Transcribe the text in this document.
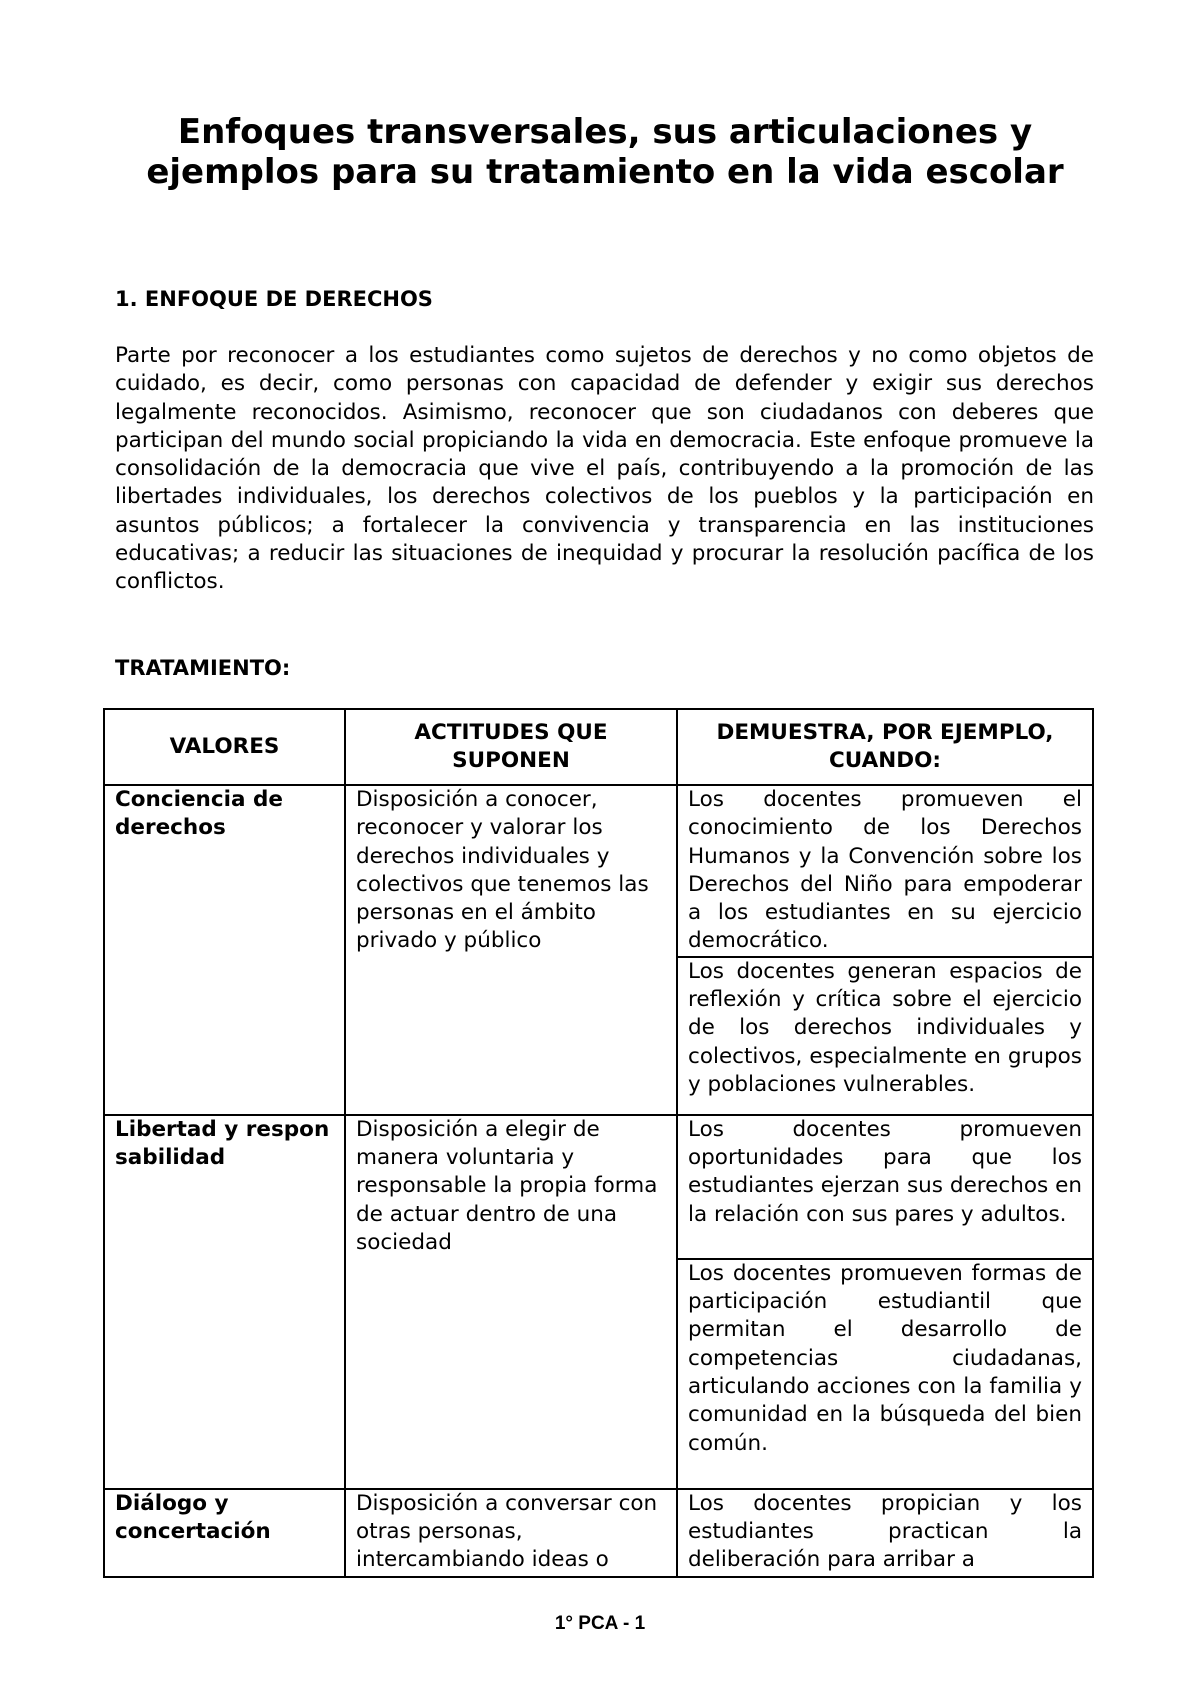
Enfoques transversales, sus articulaciones y ejemplos para su tratamiento en la vida escolar
1. ENFOQUE DE DERECHOS

Parte por reconocer a los estudiantes como sujetos de derechos y no como objetos de cuidado, es decir, como personas con capacidad de defender y exigir sus derechos legalmente reconocidos. Asimismo, reconocer que son ciudadanos con deberes que participan del mundo social propiciando la vida en democracia. Este enfoque promueve la consolidación de la democracia que vive el país, contribuyendo a la promoción de las libertades individuales, los derechos colectivos de los pueblos y la participación en asuntos públicos; a fortalecer la convivencia y transparencia en las instituciones educativas; a reducir las situaciones de inequidad y procurar la resolución pacífica de los conflictos.

TRATAMIENTO:
VALORES	ACTITUDES QUE SUPONEN	DEMUESTRA, POR EJEMPLO, CUANDO:
Conciencia de derechos	Disposición a conocer, reconocer y valorar los derechos individuales y colectivos que tenemos las personas en el ámbito privado y público	Los docentes promueven el conocimiento de los Derechos Humanos y la Convención sobre los Derechos del Niño para empoderar a los estudiantes en su ejercicio democrático.
		Los docentes generan espacios de reflexión y crítica sobre el ejercicio de los derechos individuales y colectivos, especialmente en grupos y poblaciones vulnerables.
Libertad y responsabilidad	Disposición a elegir de manera voluntaria y responsable la propia forma de actuar dentro de una sociedad	Los docentes promueven oportunidades para que los estudiantes ejerzan sus derechos en la relación con sus pares y adultos.
		Los docentes promueven formas de participación estudiantil que permitan el desarrollo de competencias ciudadanas, articulando acciones con la familia y comunidad en la búsqueda del bien común.
Diálogo y concertación	Disposición a conversar con otras personas, intercambiando ideas o	Los docentes propician y los estudiantes practican la deliberación para arribar a

1° PCA - 1
